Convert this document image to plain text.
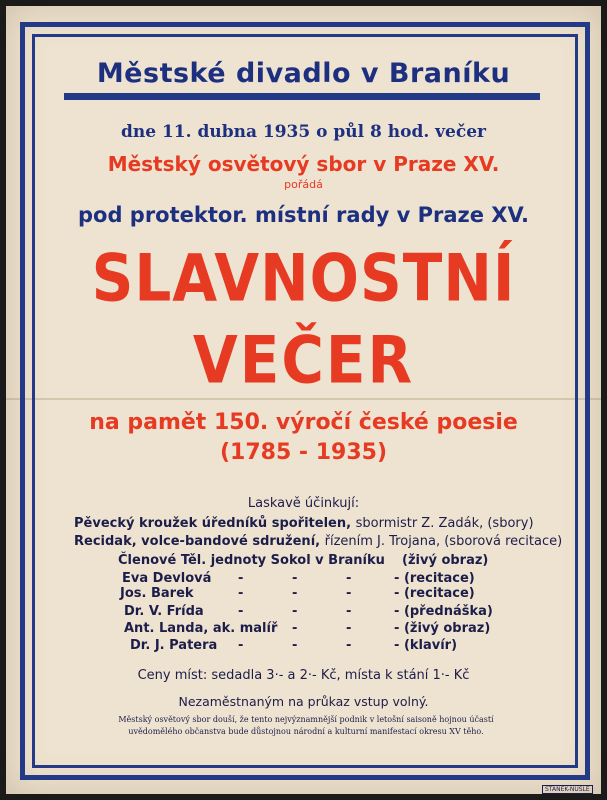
Městské divadlo v Braníku
dne 11. dubna 1935 o půl 8 hod. večer
Městský osvětový sbor v Praze XV.
pořádá
pod protektor. místní rady v Praze XV.
SLAVNOSTNÍ
VEČER
na pamět 150. výročí české poesie
(1785 - 1935)
Laskavě účinkují:
Pěvecký kroužek úředníků spořitelen, sbormistr Z. Zadák, (sbory)
Recidak, volce-bandové sdružení, řízením J. Trojana, (sborová recitace)
Členové Těl. jednoty Sokol v Braníku (živý obraz)
Eva Devlová -	-	-	- (recitace)
Jos. Barek	-	-	-	- (recitace)
Dr. V. Frída	-	-	-	- (přednáška)
Ant. Landa, ak. malíř -	-	- (živý obraz)
Dr. J. Patera -	-	-	- (klavír)
Ceny míst: sedadla 3·- a 2·- Kč, místa k stání 1·- Kč
Nezaměstnaným na průkaz vstup volný.
Městský osvětový sbor douší, že tento nejvýznamnější podnik v letošní saisoně hojnou účastí uvědomělého občanstva bude důstojnou národní a kulturní manifestací okresu XV těho.
STANĚK-NUSLE
